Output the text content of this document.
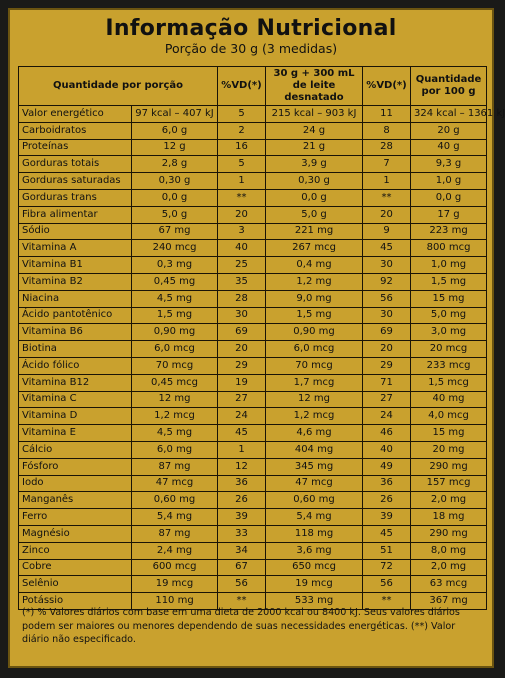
Informação Nutricional
Porção de 30 g (3 medidas)
Quantidade por porção		%VD(*)	30 g + 300 mL de leite desnatado	%VD(*)	Quantidade por 100 g
Valor energético	97 kcal – 407 kJ	5	215 kcal – 903 kJ	11	324 kcal – 1361 kJ
Carboidratos	6,0 g	2	24 g	8	20 g
Proteínas	12 g	16	21 g	28	40 g
Gorduras totais	2,8 g	5	3,9 g	7	9,3 g
Gorduras saturadas	0,30 g	1	0,30 g	1	1,0 g
Gorduras trans	0,0 g	**	0,0 g	**	0,0 g
Fibra alimentar	5,0 g	20	5,0 g	20	17 g
Sódio	67 mg	3	221 mg	9	223 mg
Vitamina A	240 mcg	40	267 mcg	45	800 mcg
Vitamina B1	0,3 mg	25	0,4 mg	30	1,0 mg
Vitamina B2	0,45 mg	35	1,2 mg	92	1,5 mg
Niacina	4,5 mg	28	9,0 mg	56	15 mg
Ácido pantotênico	1,5 mg	30	1,5 mg	30	5,0 mg
Vitamina B6	0,90 mg	69	0,90 mg	69	3,0 mg
Biotina	6,0 mcg	20	6,0 mcg	20	20 mcg
Ácido fólico	70 mcg	29	70 mcg	29	233 mcg
Vitamina B12	0,45 mcg	19	1,7 mcg	71	1,5 mcg
Vitamina C	12 mg	27	12 mg	27	40 mg
Vitamina D	1,2 mcg	24	1,2 mcg	24	4,0 mcg
Vitamina E	4,5 mg	45	4,6 mg	46	15 mg
Cálcio	6,0 mg	1	404 mg	40	20 mg
Fósforo	87 mg	12	345 mg	49	290 mg
Iodo	47 mcg	36	47 mcg	36	157 mcg
Manganês	0,60 mg	26	0,60 mg	26	2,0 mg
Ferro	5,4 mg	39	5,4 mg	39	18 mg
Magnésio	87 mg	33	118 mg	45	290 mg
Zinco	2,4 mg	34	3,6 mg	51	8,0 mg
Cobre	600 mcg	67	650 mcg	72	2,0 mg
Selênio	19 mcg	56	19 mcg	56	63 mcg
Potássio	110 mg	**	533 mg	**	367 mg
(*) % Valores diários com base em uma dieta de 2000 kcal ou 8400 kJ. Seus valores diários podem ser maiores ou menores dependendo de suas necessidades energéticas. (**) Valor diário não especificado.
